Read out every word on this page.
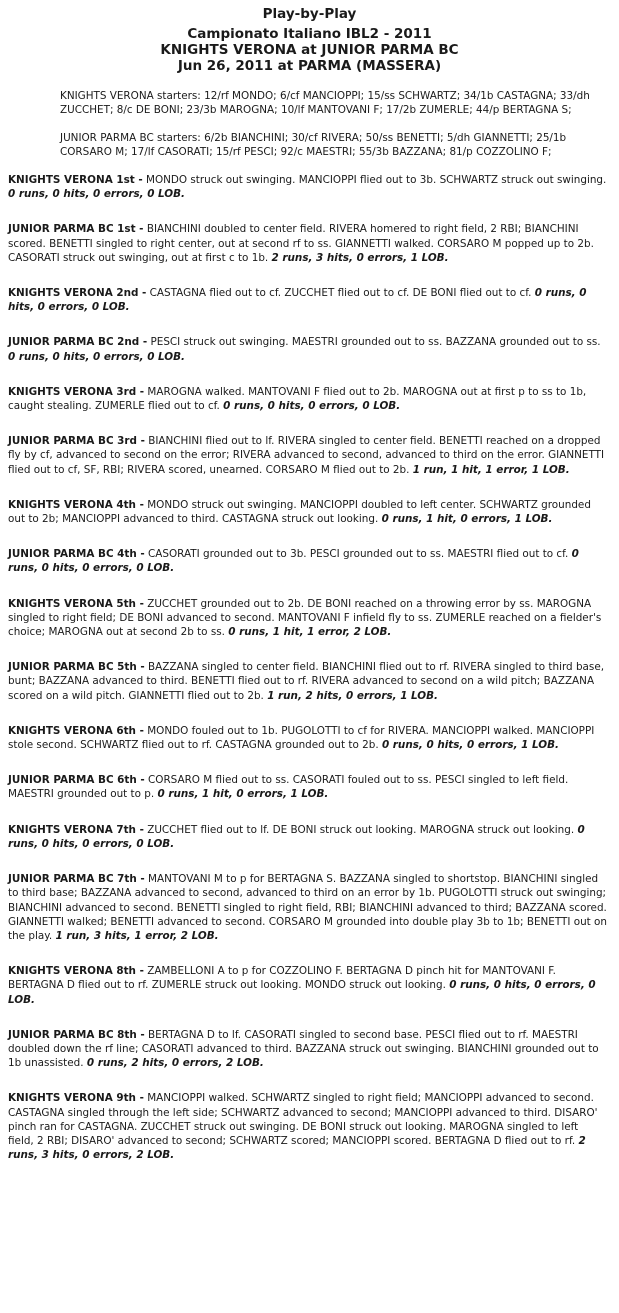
Play-by-Play

Campionato Italiano IBL2 - 2011

KNIGHTS VERONA at JUNIOR PARMA BC

Jun 26, 2011 at PARMA (MASSERA)

KNIGHTS VERONA starters: 12/rf MONDO; 6/cf MANCIOPPI; 15/ss SCHWARTZ; 34/1b CASTAGNA; 33/dh ZUCCHET; 8/c DE BONI; 23/3b MAROGNA; 10/lf MANTOVANI F; 17/2b ZUMERLE; 44/p BERTAGNA S;

JUNIOR PARMA BC starters: 6/2b BIANCHINI; 30/cf RIVERA; 50/ss BENETTI; 5/dh GIANNETTI; 25/1b CORSARO M; 17/lf CASORATI; 15/rf PESCI; 92/c MAESTRI; 55/3b BAZZANA; 81/p COZZOLINO F;

KNIGHTS VERONA 1st - MONDO struck out swinging. MANCIOPPI flied out to 3b. SCHWARTZ struck out swinging. 0 runs, 0 hits, 0 errors, 0 LOB.

JUNIOR PARMA BC 1st - BIANCHINI doubled to center field. RIVERA homered to right field, 2 RBI; BIANCHINI scored. BENETTI singled to right center, out at second rf to ss. GIANNETTI walked. CORSARO M popped up to 2b. CASORATI struck out swinging, out at first c to 1b. 2 runs, 3 hits, 0 errors, 1 LOB.

KNIGHTS VERONA 2nd - CASTAGNA flied out to cf. ZUCCHET flied out to cf. DE BONI flied out to cf. 0 runs, 0 hits, 0 errors, 0 LOB.

JUNIOR PARMA BC 2nd - PESCI struck out swinging. MAESTRI grounded out to ss. BAZZANA grounded out to ss. 0 runs, 0 hits, 0 errors, 0 LOB.

KNIGHTS VERONA 3rd - MAROGNA walked. MANTOVANI F flied out to 2b. MAROGNA out at first p to ss to 1b, caught stealing. ZUMERLE flied out to cf. 0 runs, 0 hits, 0 errors, 0 LOB.

JUNIOR PARMA BC 3rd - BIANCHINI flied out to lf. RIVERA singled to center field. BENETTI reached on a dropped fly by cf, advanced to second on the error; RIVERA advanced to second, advanced to third on the error. GIANNETTI flied out to cf, SF, RBI; RIVERA scored, unearned. CORSARO M flied out to 2b. 1 run, 1 hit, 1 error, 1 LOB.

KNIGHTS VERONA 4th - MONDO struck out swinging. MANCIOPPI doubled to left center. SCHWARTZ grounded out to 2b; MANCIOPPI advanced to third. CASTAGNA struck out looking. 0 runs, 1 hit, 0 errors, 1 LOB.

JUNIOR PARMA BC 4th - CASORATI grounded out to 3b. PESCI grounded out to ss. MAESTRI flied out to cf. 0 runs, 0 hits, 0 errors, 0 LOB.

KNIGHTS VERONA 5th - ZUCCHET grounded out to 2b. DE BONI reached on a throwing error by ss. MAROGNA singled to right field; DE BONI advanced to second. MANTOVANI F infield fly to ss. ZUMERLE reached on a fielder's choice; MAROGNA out at second 2b to ss. 0 runs, 1 hit, 1 error, 2 LOB.

JUNIOR PARMA BC 5th - BAZZANA singled to center field. BIANCHINI flied out to rf. RIVERA singled to third base, bunt; BAZZANA advanced to third. BENETTI flied out to rf. RIVERA advanced to second on a wild pitch; BAZZANA scored on a wild pitch. GIANNETTI flied out to 2b. 1 run, 2 hits, 0 errors, 1 LOB.

KNIGHTS VERONA 6th - MONDO fouled out to 1b. PUGOLOTTI to cf for RIVERA. MANCIOPPI walked. MANCIOPPI stole second. SCHWARTZ flied out to rf. CASTAGNA grounded out to 2b. 0 runs, 0 hits, 0 errors, 1 LOB.

JUNIOR PARMA BC 6th - CORSARO M flied out to ss. CASORATI fouled out to ss. PESCI singled to left field. MAESTRI grounded out to p. 0 runs, 1 hit, 0 errors, 1 LOB.

KNIGHTS VERONA 7th - ZUCCHET flied out to lf. DE BONI struck out looking. MAROGNA struck out looking. 0 runs, 0 hits, 0 errors, 0 LOB.

JUNIOR PARMA BC 7th - MANTOVANI M to p for BERTAGNA S. BAZZANA singled to shortstop. BIANCHINI singled to third base; BAZZANA advanced to second, advanced to third on an error by 1b. PUGOLOTTI struck out swinging; BIANCHINI advanced to second. BENETTI singled to right field, RBI; BIANCHINI advanced to third; BAZZANA scored. GIANNETTI walked; BENETTI advanced to second. CORSARO M grounded into double play 3b to 1b; BENETTI out on the play. 1 run, 3 hits, 1 error, 2 LOB.

KNIGHTS VERONA 8th - ZAMBELLONI A to p for COZZOLINO F. BERTAGNA D pinch hit for MANTOVANI F. BERTAGNA D flied out to rf. ZUMERLE struck out looking. MONDO struck out looking. 0 runs, 0 hits, 0 errors, 0 LOB.

JUNIOR PARMA BC 8th - BERTAGNA D to lf. CASORATI singled to second base. PESCI flied out to rf. MAESTRI doubled down the rf line; CASORATI advanced to third. BAZZANA struck out swinging. BIANCHINI grounded out to 1b unassisted. 0 runs, 2 hits, 0 errors, 2 LOB.

KNIGHTS VERONA 9th - MANCIOPPI walked. SCHWARTZ singled to right field; MANCIOPPI advanced to second. CASTAGNA singled through the left side; SCHWARTZ advanced to second; MANCIOPPI advanced to third. DISARO' pinch ran for CASTAGNA. ZUCCHET struck out swinging. DE BONI struck out looking. MAROGNA singled to left field, 2 RBI; DISARO' advanced to second; SCHWARTZ scored; MANCIOPPI scored. BERTAGNA D flied out to rf. 2 runs, 3 hits, 0 errors, 2 LOB.
